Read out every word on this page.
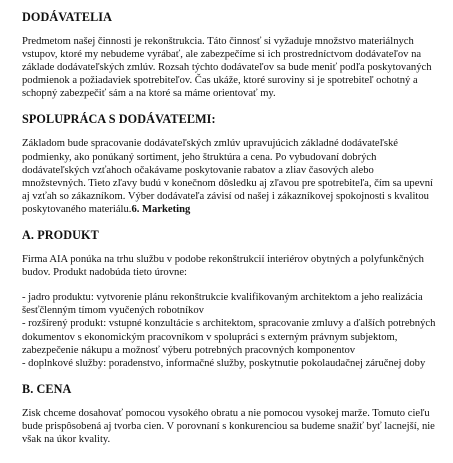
DODÁVATELIA
Predmetom našej činnosti je rekonštrukcia. Táto činnosť si vyžaduje množstvo materiálnych vstupov, ktoré my nebudeme vyrábať, ale zabezpečíme si ich prostredníctvom dodávateľov na základe dodávateľských zmlúv. Rozsah týchto dodávateľov sa bude meniť podľa poskytovaných podmienok a požiadaviek spotrebiteľov. Čas ukáže, ktoré suroviny si je spotrebiteľ ochotný a schopný zabezpečiť sám a na ktoré sa máme orientovať my.
SPOLUPRÁCA S DODÁVATEĽMI:
Základom bude spracovanie dodávateľských zmlúv upravujúcich základné dodávateľské podmienky, ako ponúkaný sortiment, jeho štruktúra a cena. Po vybudovaní dobrých dodávateľských vzťahoch očakávame poskytovanie rabatov a zliav časových alebo množstevných. Tieto zľavy budú v konečnom dôsledku aj zľavou pre spotrebiteľa, čím sa upevní aj vzťah so zákazníkom. Výber dodávateľa závisí od našej i zákazníkovej spokojnosti s kvalitou poskytovaného materiálu.6. Marketing
A. PRODUKT
Firma AIA ponúka na trhu službu v podobe rekonštrukcií interiérov obytných a polyfunkčných budov. Produkt nadobúda tieto úrovne:
- jadro produktu: vytvorenie plánu rekonštrukcie kvalifikovaným architektom a jeho realizácia šesťčlenným tímom vyučených robotníkov
- rozšírený produkt: vstupné konzultácie s architektom, spracovanie zmluvy a ďalších potrebných dokumentov s ekonomickým pracovníkom v spolupráci s externým právnym subjektom, zabezpečenie nákupu a možnosť výberu potrebných pracovných komponentov
- doplnkové služby: poradenstvo, informačné služby, poskytnutie pokolaudačnej záručnej doby
B. CENA
Zisk chceme dosahovať pomocou vysokého obratu a nie pomocou vysokej marže. Tomuto cieľu bude prispôsobená aj tvorba cien. V porovnaní s konkurenciou sa budeme snažiť byť lacnejší, nie však na úkor kvality.
